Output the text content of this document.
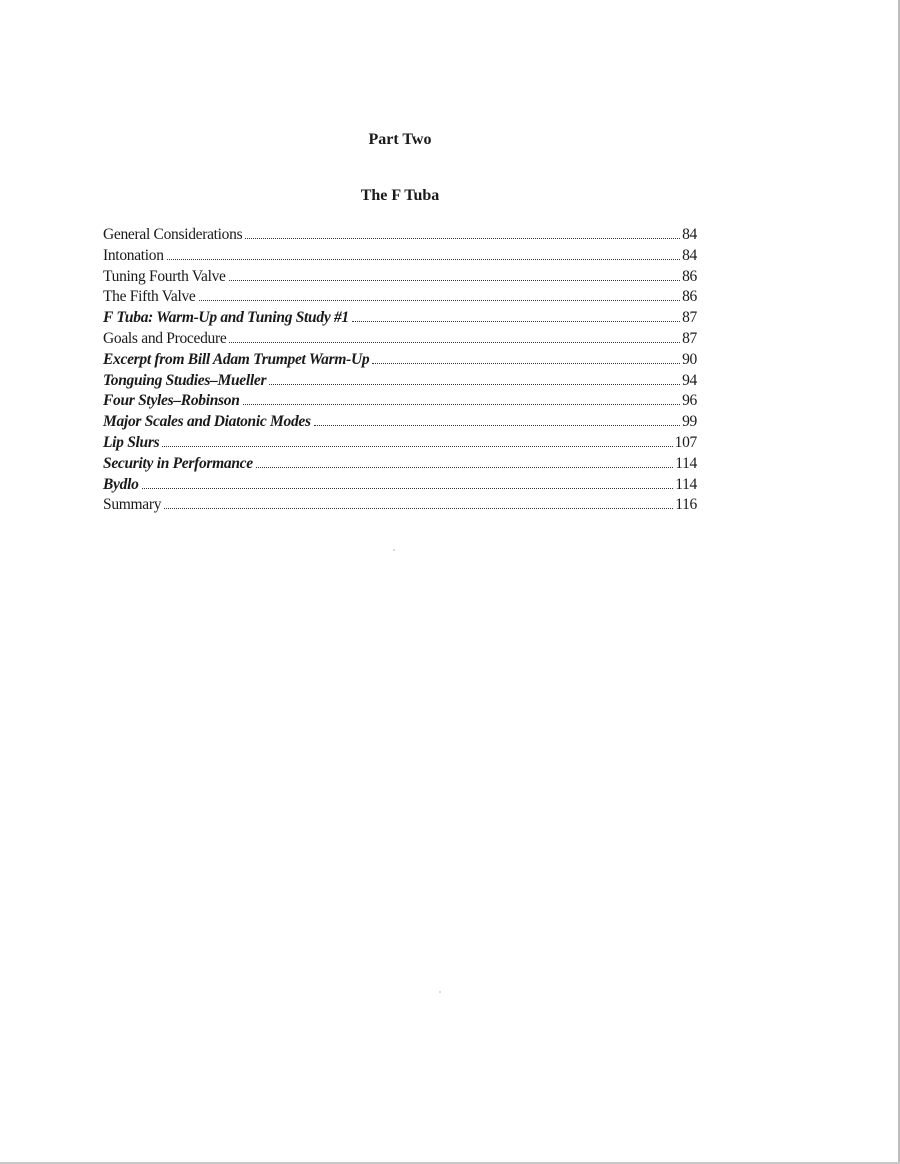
Part Two
The F Tuba
General Considerations	84
Intonation	84
Tuning Fourth Valve	86
The Fifth Valve	86
F Tuba: Warm-Up and Tuning Study #1	87
Goals and Procedure	87
Excerpt from Bill Adam Trumpet Warm-Up	90
Tonguing Studies–Mueller	94
Four Styles–Robinson	96
Major Scales and Diatonic Modes	99
Lip Slurs	107
Security in Performance	114
Bydlo	114
Summary	116
